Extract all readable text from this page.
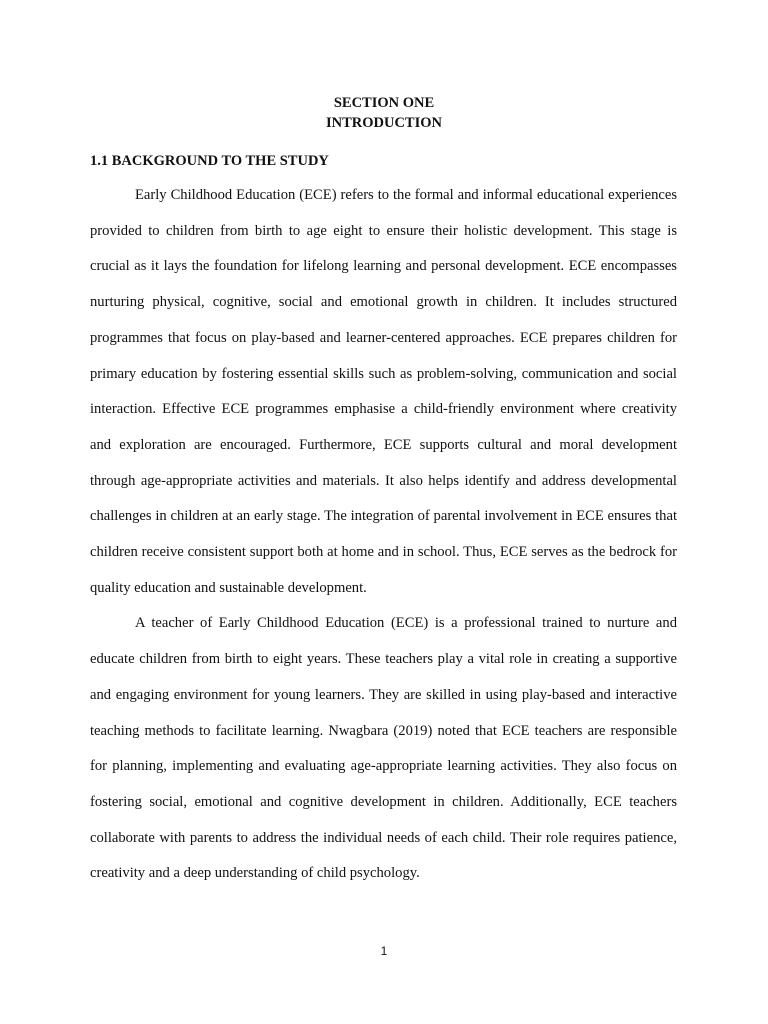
SECTION ONE
INTRODUCTION
1.1 BACKGROUND TO THE STUDY

Early Childhood Education (ECE) refers to the formal and informal educational experiences provided to children from birth to age eight to ensure their holistic development. This stage is crucial as it lays the foundation for lifelong learning and personal development. ECE encompasses nurturing physical, cognitive, social and emotional growth in children. It includes structured programmes that focus on play-based and learner-centered approaches. ECE prepares children for primary education by fostering essential skills such as problem-solving, communication and social interaction. Effective ECE programmes emphasise a child-friendly environment where creativity and exploration are encouraged. Furthermore, ECE supports cultural and moral development through age-appropriate activities and materials. It also helps identify and address developmental challenges in children at an early stage. The integration of parental involvement in ECE ensures that children receive consistent support both at home and in school. Thus, ECE serves as the bedrock for quality education and sustainable development.

A teacher of Early Childhood Education (ECE) is a professional trained to nurture and educate children from birth to eight years. These teachers play a vital role in creating a supportive and engaging environment for young learners. They are skilled in using play-based and interactive teaching methods to facilitate learning. Nwagbara (2019) noted that ECE teachers are responsible for planning, implementing and evaluating age-appropriate learning activities. They also focus on fostering social, emotional and cognitive development in children. Additionally, ECE teachers collaborate with parents to address the individual needs of each child. Their role requires patience, creativity and a deep understanding of child psychology.

1
